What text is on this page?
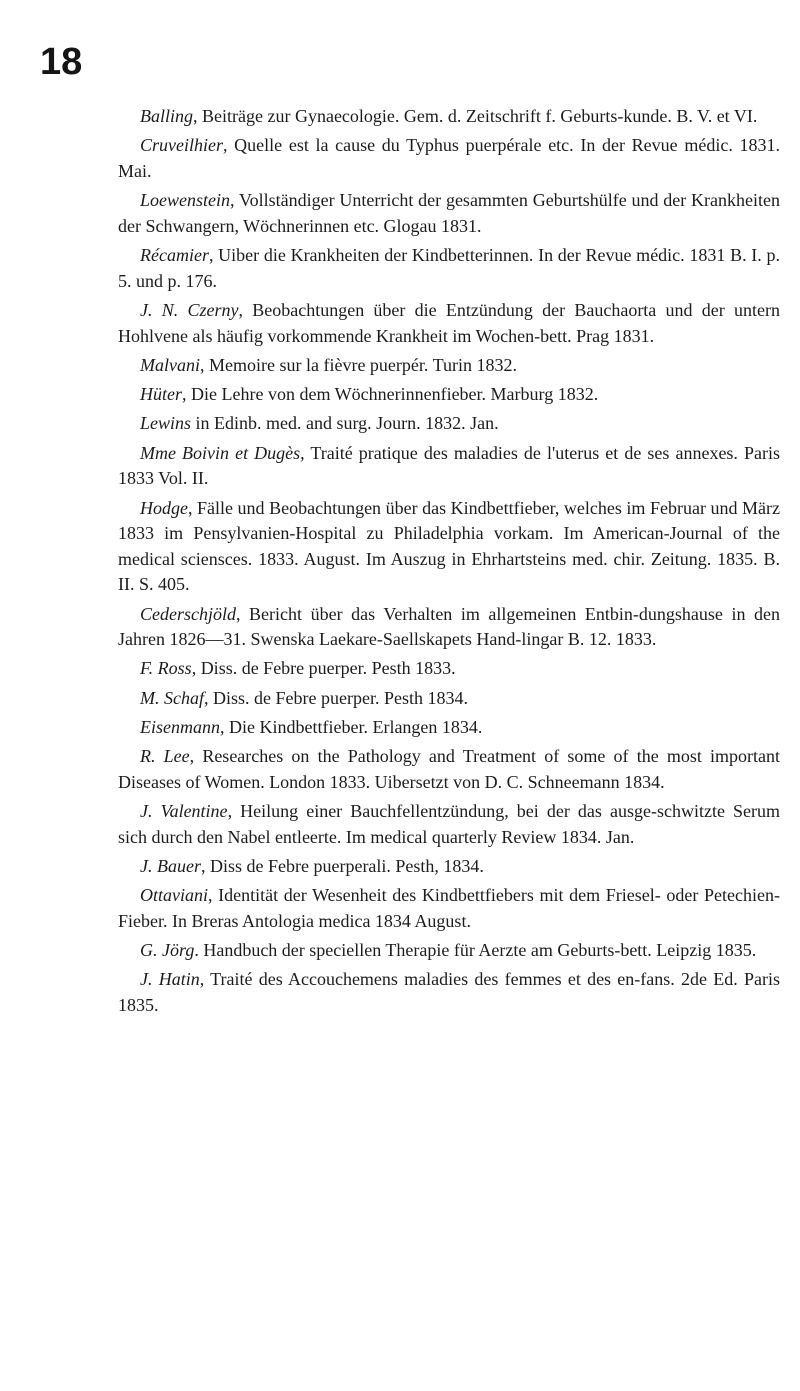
18

Balling, Beiträge zur Gynaecologie. Gem. d. Zeitschrift f. Geburts-kunde. B. V. et VI.

Cruveilhier, Quelle est la cause du Typhus puerpérale etc. In der Revue médic. 1831. Mai.

Loewenstein, Vollständiger Unterricht der gesammten Geburtshülfe und der Krankheiten der Schwangern, Wöchnerinnen etc. Glogau 1831.

Récamier, Uiber die Krankheiten der Kindbetterinnen. In der Revue médic. 1831 B. I. p. 5. und p. 176.

J. N. Czerny, Beobachtungen über die Entzündung der Bauchaorta und der untern Hohlvene als häufig vorkommende Krankheit im Wochen-bett. Prag 1831.

Malvani, Memoire sur la fièvre puerpér. Turin 1832.

Hüter, Die Lehre von dem Wöchnerinnenfieber. Marburg 1832.

Lewins in Edinb. med. and surg. Journ. 1832. Jan.

Mme Boivin et Dugès, Traité pratique des maladies de l'uterus et de ses annexes. Paris 1833 Vol. II.

Hodge, Fälle und Beobachtungen über das Kindbettfieber, welches im Februar und März 1833 im Pensylvanien-Hospital zu Philadelphia vorkam. Im American-Journal of the medical sciensces. 1833. August. Im Auszug in Ehrhartsteins med. chir. Zeitung. 1835. B. II. S. 405.

Cederschjöld, Bericht über das Verhalten im allgemeinen Entbin-dungshause in den Jahren 1826—31. Swenska Laekare-Saellskapets Hand-lingar B. 12. 1833.

F. Ross, Diss. de Febre puerper. Pesth 1833.

M. Schaf, Diss. de Febre puerper. Pesth 1834.

Eisenmann, Die Kindbettfieber. Erlangen 1834.

R. Lee, Researches on the Pathology and Treatment of some of the most important Diseases of Women. London 1833. Uibersetzt von D. C. Schneemann 1834.

J. Valentine, Heilung einer Bauchfellentzündung, bei der das ausge-schwitzte Serum sich durch den Nabel entleerte. Im medical quarterly Review 1834. Jan.

J. Bauer, Diss de Febre puerperali. Pesth, 1834.

Ottaviani, Identität der Wesenheit des Kindbettfiebers mit dem Friesel- oder Petechien-Fieber. In Breras Antologia medica 1834 August.

G. Jörg. Handbuch der speciellen Therapie für Aerzte am Geburts-bett. Leipzig 1835.

J. Hatin, Traité des Accouchemens maladies des femmes et des en-fans. 2de Ed. Paris 1835.
